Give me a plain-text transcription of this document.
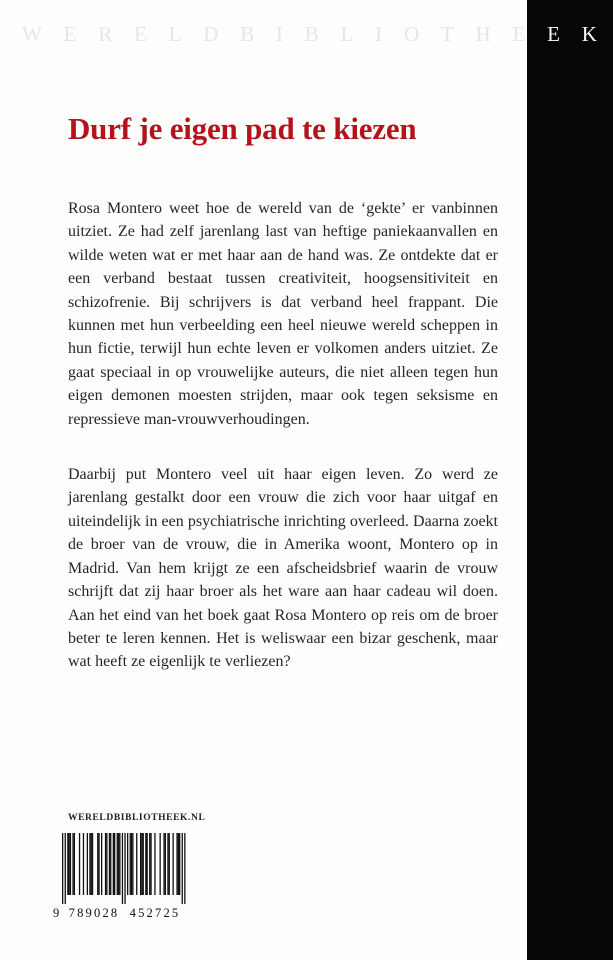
W E R E L D B I B L I O T H E E K
Durf je eigen pad te kiezen

Rosa Montero weet hoe de wereld van de ‘gekte’ er vanbinnen uitziet. Ze had zelf jarenlang last van heftige paniekaanvallen en wilde weten wat er met haar aan de hand was. Ze ontdekte dat er een verband bestaat tussen creativiteit, hoogsensitiviteit en schizofrenie. Bij schrijvers is dat verband heel frappant. Die kunnen met hun verbeelding een heel nieuwe wereld scheppen in hun fictie, terwijl hun echte leven er volkomen anders uitziet. Ze gaat speciaal in op vrouwelijke auteurs, die niet alleen tegen hun eigen demonen moesten strijden, maar ook tegen seksisme en repressieve man-vrouwverhoudingen.

Daarbij put Montero veel uit haar eigen leven. Zo werd ze jarenlang gestalkt door een vrouw die zich voor haar uitgaf en uiteindelijk in een psychiatrische inrichting overleed. Daarna zoekt de broer van de vrouw, die in Amerika woont, Montero op in Madrid. Van hem krijgt ze een afscheidsbrief waarin de vrouw schrijft dat zij haar broer als het ware aan haar cadeau wil doen. Aan het eind van het boek gaat Rosa Montero op reis om de broer beter te leren kennen. Het is weliswaar een bizar geschenk, maar wat heeft ze eigenlijk te verliezen?

WERELDBIBLIOTHEEK.NL
9 789028 452725
